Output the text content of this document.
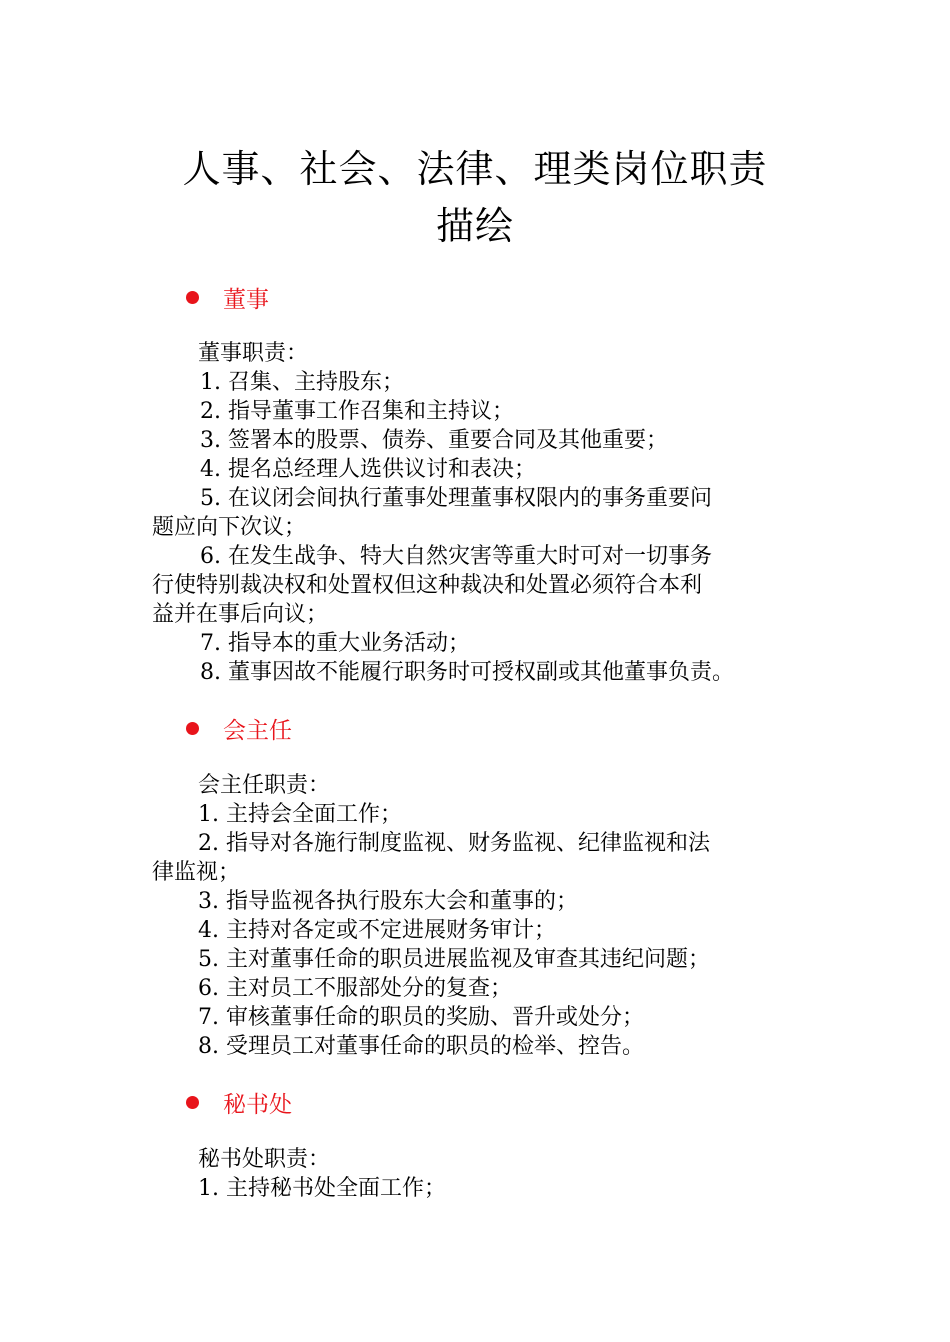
人事、社会、法律、理类岗位职责
描绘
董事

董事职责：

1. 召集、主持股东；

2. 指导董事工作召集和主持议；

3. 签署本的股票、债券、重要合同及其他重要；

4. 提名总经理人选供议讨和表决；

5. 在议闭会间执行董事处理董事权限内的事务重要问

题应向下次议；

6. 在发生战争、特大自然灾害等重大时可对一切事务

行使特别裁决权和处置权但这种裁决和处置必须符合本利

益并在事后向议；

7. 指导本的重大业务活动；

8. 董事因故不能履行职务时可授权副或其他董事负责。

会主任

会主任职责：

1. 主持会全面工作；

2. 指导对各施行制度监视、财务监视、纪律监视和法

律监视；

3. 指导监视各执行股东大会和董事的；

4. 主持对各定或不定进展财务审计；

5. 主对董事任命的职员进展监视及审查其违纪问题；

6. 主对员工不服部处分的复查；

7. 审核董事任命的职员的奖励、晋升或处分；

8. 受理员工对董事任命的职员的检举、控告。

秘书处

秘书处职责：

1. 主持秘书处全面工作；
